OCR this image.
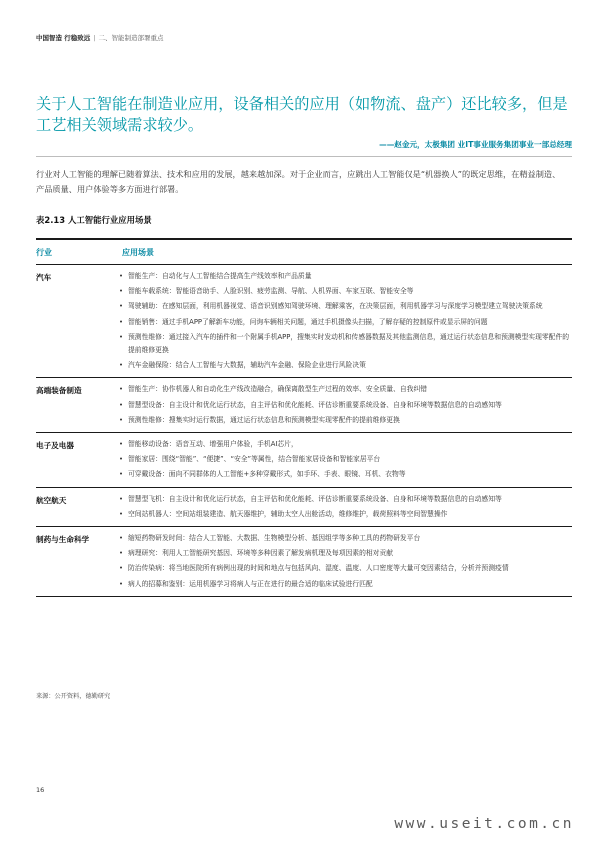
中国智造 行稳致远 | 二、智能制造部署重点
关于人工智能在制造业应用，设备相关的应用（如物流、盘产）还比较多，但是工艺相关领域需求较少。
——赵金元，太极集团 业IT事业服务集团事业一部总经理
行业对人工智能的理解已随着算法、技术和应用的发展，越来越加深。对于企业而言，应跳出人工智能仅是“机器换人”的既定思维，在精益制造、产品质量、用户体验等多方面进行部署。
表2.13 人工智能行业应用场景
行业	应用场景
汽车	• 智能生产：自动化与人工智能结合提高生产线效率和产品质量
• 智能车载系统：智能语音助手、人脸识别、疲劳监测、导航、人机界面、车家互联、智能安全等
• 驾驶辅助：在感知层面，利用机器视觉、语音识别感知驾驶环境、理解乘客，在决策层面，利用机器学习与深度学习模型建立驾驶决策系统
• 智能销售：通过手机APP了解新车功能，问询车辆相关问题，通过手机摄像头扫描，了解存疑的控制原件或显示屏的问题
• 预测性维修：通过接入汽车的插件和一个附属手机APP，搜集实时发动机和传感器数据及其他监测信息，通过运行状态信息和预测模型实现零配件的提前维修更换
• 汽车金融保险：结合人工智能与大数据，辅助汽车金融、保险企业进行风险决策
高端装备制造	• 智能生产：协作机器人和自动化生产线改造融合，确保离散型生产过程的效率、安全质量、自我纠错
• 智慧型设备：自主设计和优化运行状态，自主评估和优化能耗、评估诊断重要系统设备、自身和环境等数据信息的自动感知等
• 预测性维修：搜集实时运行数据，通过运行状态信息和预测模型实现零配件的提前维修更换
电子及电器	• 智能移动设备：语音互动、增强用户体验，手机AI芯片，
• 智能家居：围绕“智能”、“便捷”、“安全”等属性，结合智能家居设备和智能家居平台
• 可穿戴设备：面向不同群体的人工智能+多种穿戴形式，如手环、手表、眼镜、耳机、衣物等
航空航天	• 智慧型飞机：自主设计和优化运行状态，自主评估和优化能耗、评估诊断重要系统设备、自身和环境等数据信息的自动感知等
• 空间站机器人：空间站组装建造、航天器维护，辅助太空人出舱活动，维修维护，载荷照料等空间智慧操作
制药与生命科学	• 缩短药物研发时间：结合人工智能、大数据、生物模型分析、基因组学等多种工具的药物研发平台
• 病理研究：利用人工智能研究基因、环境等多种因素了解发病机理及每项因素的相对贡献
• 防治传染病：将当地医院所有病例出现的时间和地点与包括风向、湿度、温度、人口密度等大量可变因素结合，分析并预测疫情
• 病人的招募和鉴别：运用机器学习将病人与正在进行的最合适的临床试验进行匹配
来源：公开资料，德勤研究
16
www.useit.com.cn
